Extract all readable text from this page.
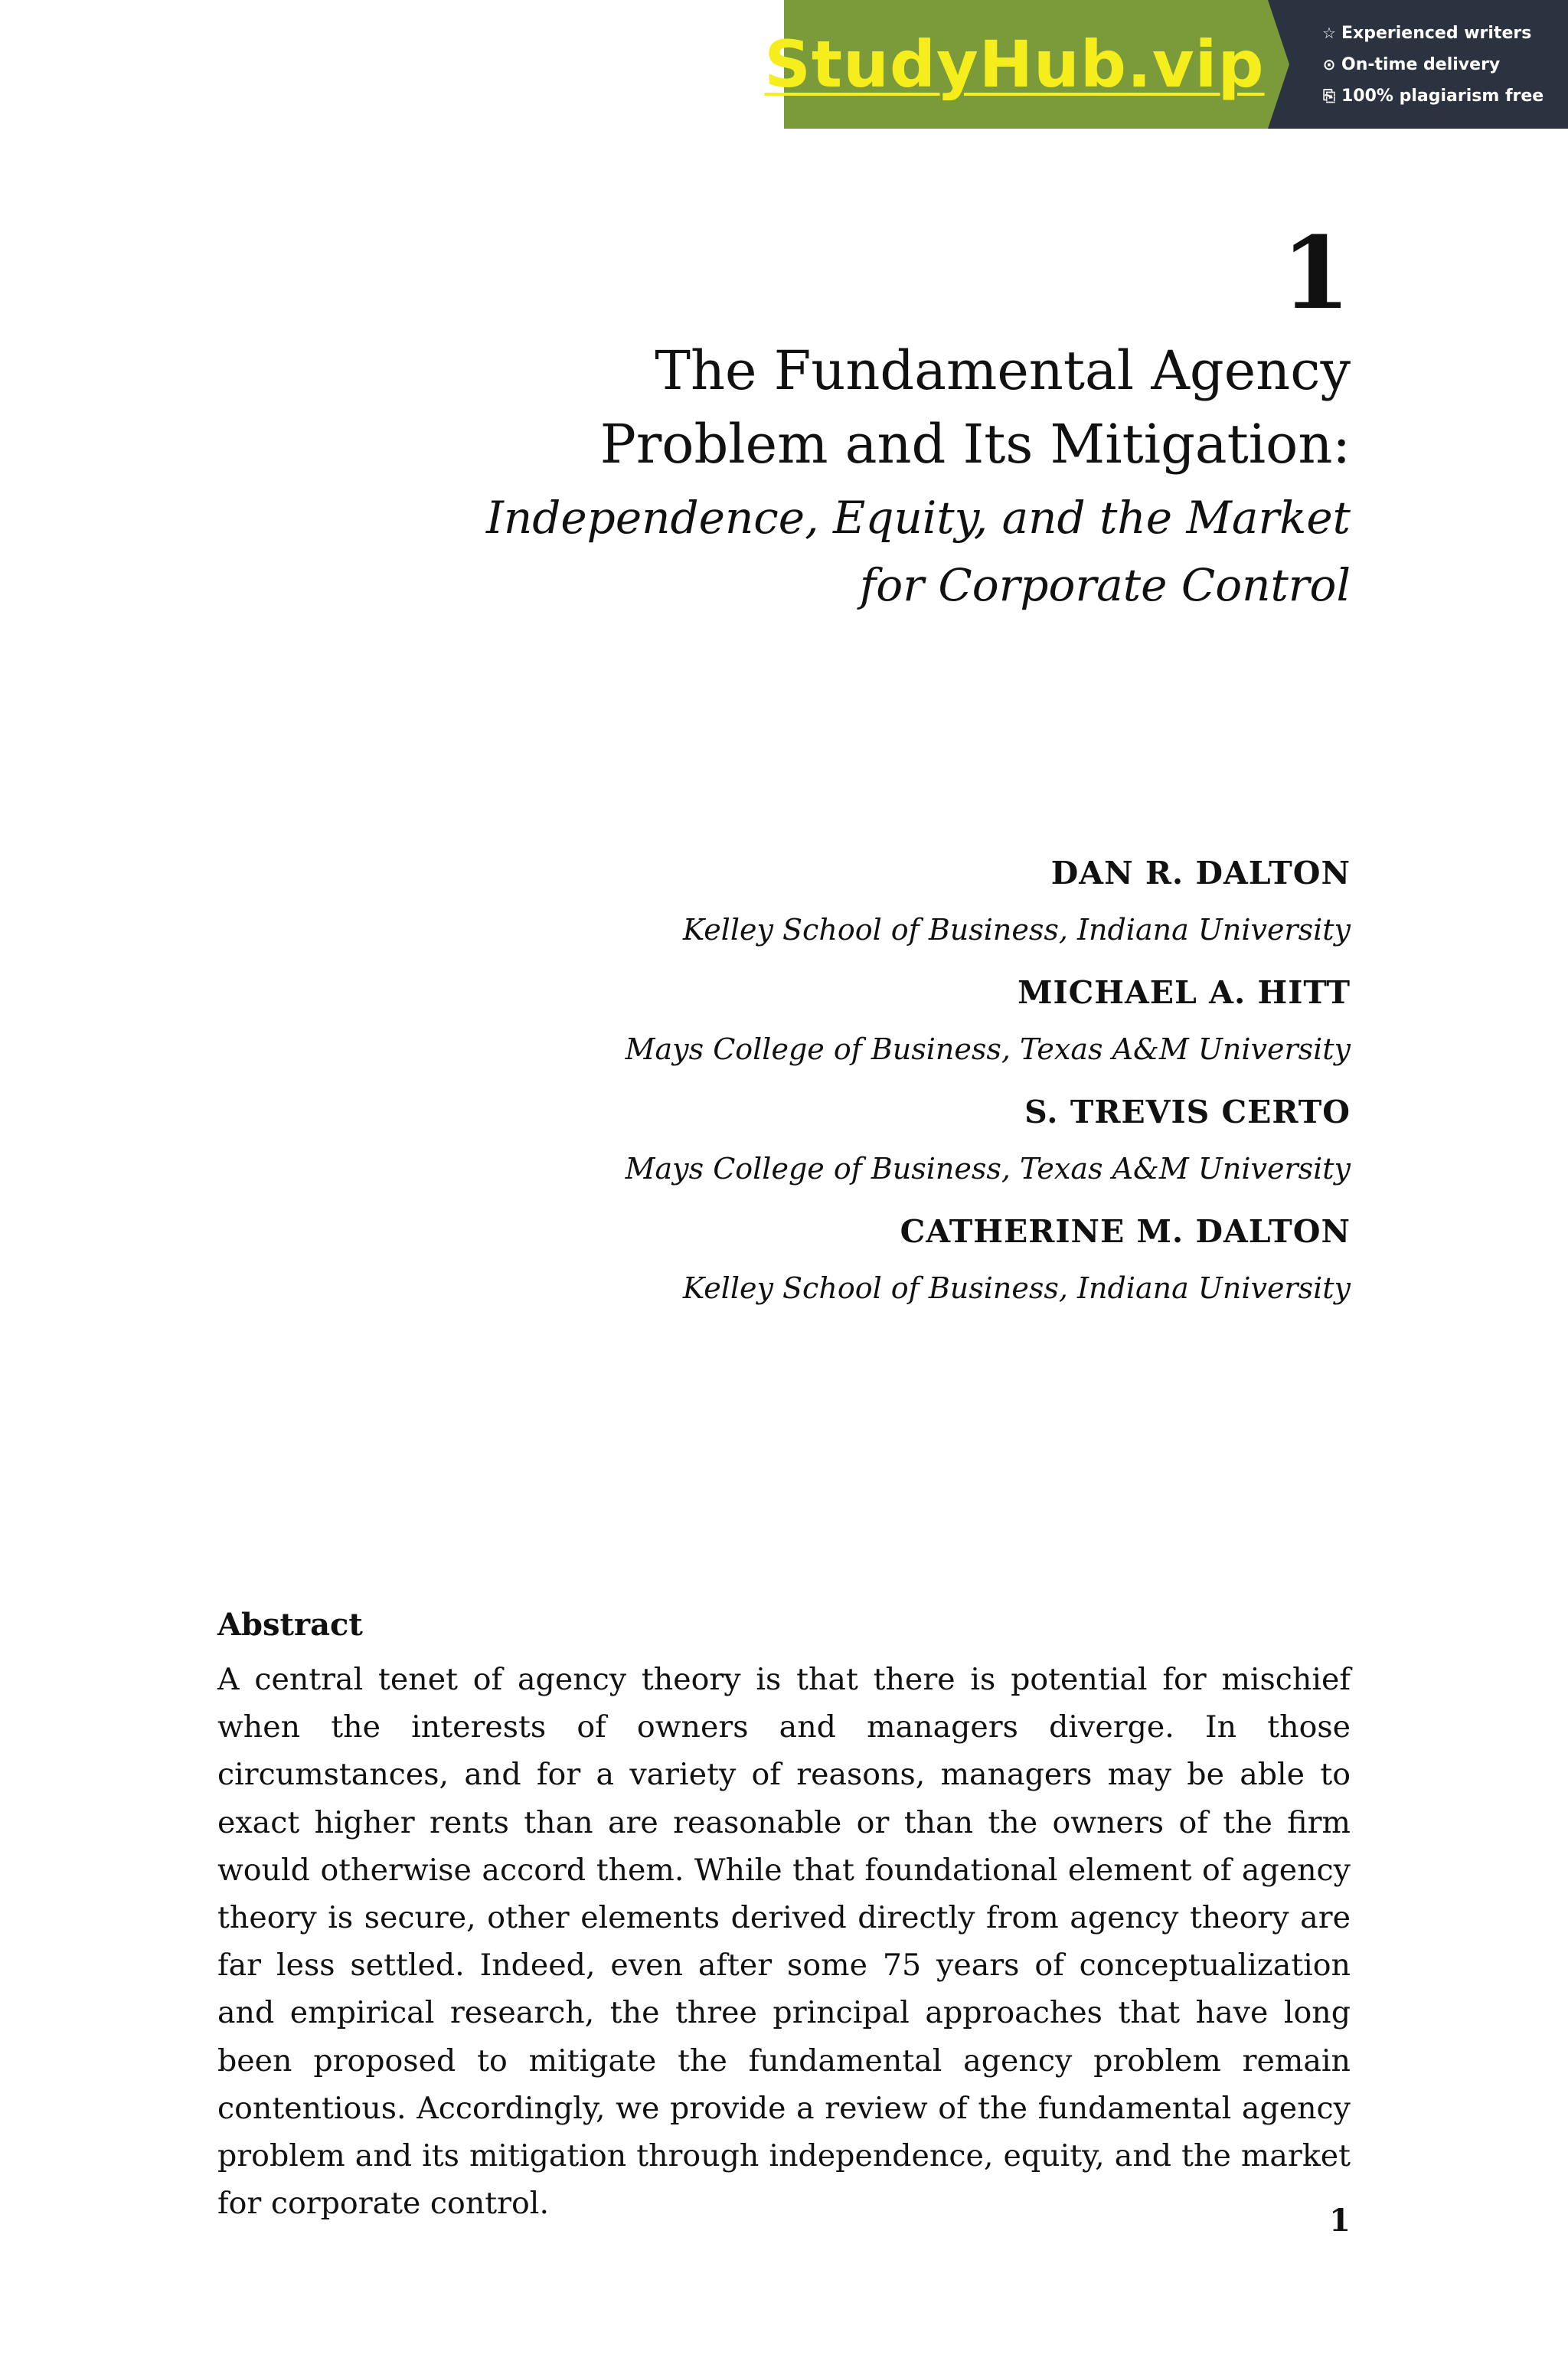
StudyHub.vip	☆ Experienced writers
⊙ On-time delivery
⎘ 100% plagiarism free
1
The Fundamental Agency Problem and Its Mitigation:
Independence, Equity, and the Market for Corporate Control
DAN R. DALTON
Kelley School of Business, Indiana University
MICHAEL A. HITT
Mays College of Business, Texas A&M University
S. TREVIS CERTO
Mays College of Business, Texas A&M University
CATHERINE M. DALTON
Kelley School of Business, Indiana University
Abstract

A central tenet of agency theory is that there is potential for mischief when the interests of owners and managers diverge. In those circumstances, and for a variety of reasons, managers may be able to exact higher rents than are reasonable or than the owners of the firm would otherwise accord them. While that foundational element of agency theory is secure, other elements derived directly from agency theory are far less settled. Indeed, even after some 75 years of conceptualization and empirical research, the three principal approaches that have long been proposed to mitigate the fundamental agency problem remain contentious. Accordingly, we provide a review of the fundamental agency problem and its mitigation through independence, equity, and the market for corporate control.	1
